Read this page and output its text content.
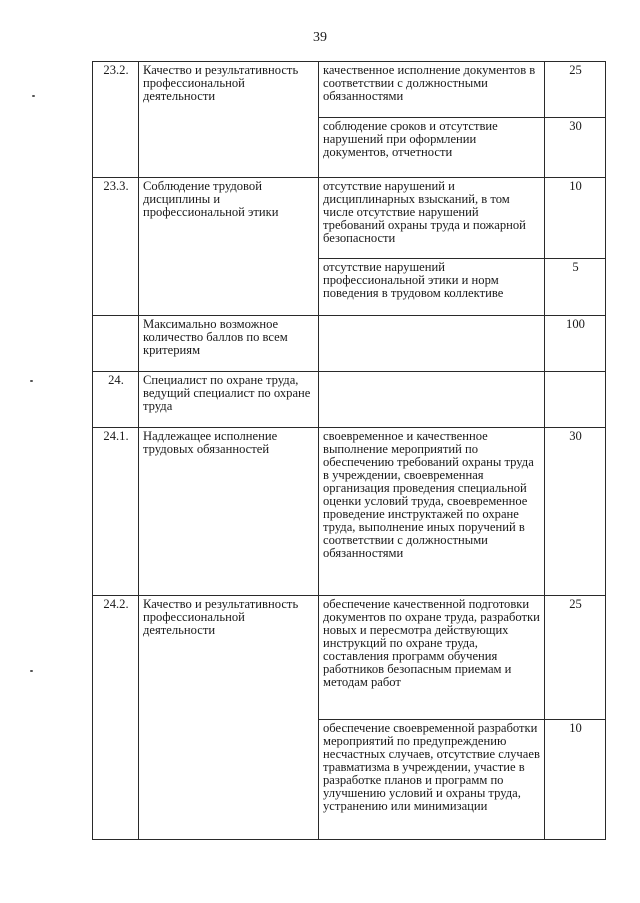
39
23.2.	Качество и результативность профессиональной деятельности	качественное исполнение документов в соответствии с должностными обязанностями	25
		соблюдение сроков и отсутствие нарушений при оформлении документов, отчетности	30
23.3.	Соблюдение трудовой дисциплины и профессиональной этики	отсутствие нарушений и дисциплинарных взысканий, в том числе отсутствие нарушений требований охраны труда и пожарной безопасности	10
		отсутствие нарушений профессиональной этики и норм поведения в трудовом коллективе	5
	Максимально возможное количество баллов по всем критериям		100
24.	Специалист по охране труда, ведущий специалист по охране труда		
24.1.	Надлежащее исполнение трудовых обязанностей	своевременное и качественное выполнение мероприятий по обеспечению требований охраны труда в учреждении, своевременная организация проведения специальной оценки условий труда, своевременное проведение инструктажей по охране труда, выполнение иных поручений в соответствии с должностными обязанностями	30
24.2.	Качество и результативность профессиональной деятельности	обеспечение качественной подготовки документов по охране труда, разработки новых и пересмотра действующих инструкций по охране труда, составления программ обучения работников безопасным приемам и методам работ	25
		обеспечение своевременной разработки мероприятий по предупреждению несчастных случаев, отсутствие случаев травматизма в учреждении, участие в разработке планов и программ по улучшению условий и охраны труда, устранению или минимизации	10
